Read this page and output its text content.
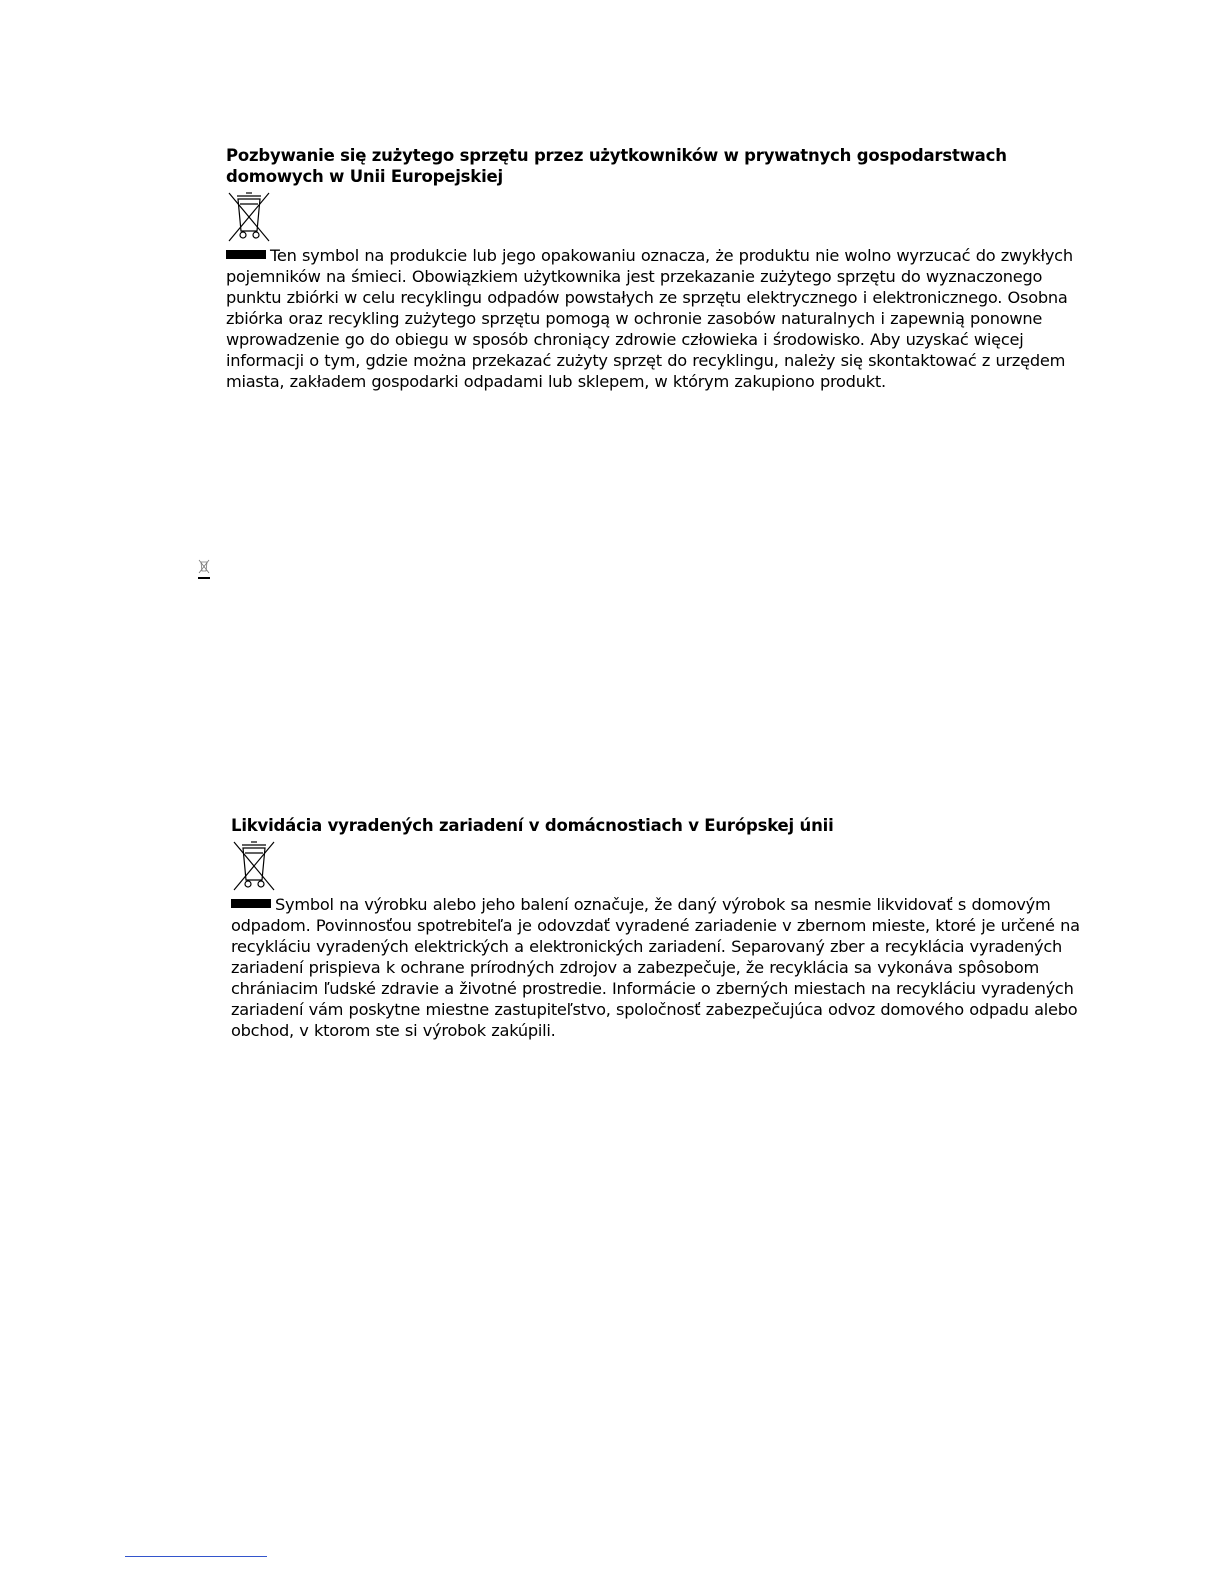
Pozbywanie się zużytego sprzętu przez użytkowników w prywatnych gospodarstwach domowych w Unii Europejskiej

Ten symbol na produkcie lub jego opakowaniu oznacza, że produktu nie wolno wyrzucać do zwykłych pojemników na śmieci. Obowiązkiem użytkownika jest przekazanie zużytego sprzętu do wyznaczonego punktu zbiórki w celu recyklingu odpadów powstałych ze sprzętu elektrycznego i elektronicznego. Osobna zbiórka oraz recykling zużytego sprzętu pomogą w ochronie zasobów naturalnych i zapewnią ponowne wprowadzenie go do obiegu w sposób chroniący zdrowie człowieka i środowisko. Aby uzyskać więcej informacji o tym, gdzie można przekazać zużyty sprzęt do recyklingu, należy się skontaktować z urzędem miasta, zakładem gospodarki odpadami lub sklepem, w którym zakupiono produkt.

Likvidácia vyradených zariadení v domácnostiach v Európskej únii

Symbol na výrobku alebo jeho balení označuje, že daný výrobok sa nesmie likvidovať s domovým odpadom. Povinnosťou spotrebiteľa je odovzdať vyradené zariadenie v zbernom mieste, ktoré je určené na recykláciu vyradených elektrických a elektronických zariadení. Separovaný zber a recyklácia vyradených zariadení prispieva k ochrane prírodných zdrojov a zabezpečuje, že recyklácia sa vykonáva spôsobom chrániacim ľudské zdravie a životné prostredie. Informácie o zberných miestach na recykláciu vyradených zariadení vám poskytne miestne zastupiteľstvo, spoločnosť zabezpečujúca odvoz domového odpadu alebo obchod, v ktorom ste si výrobok zakúpili.
